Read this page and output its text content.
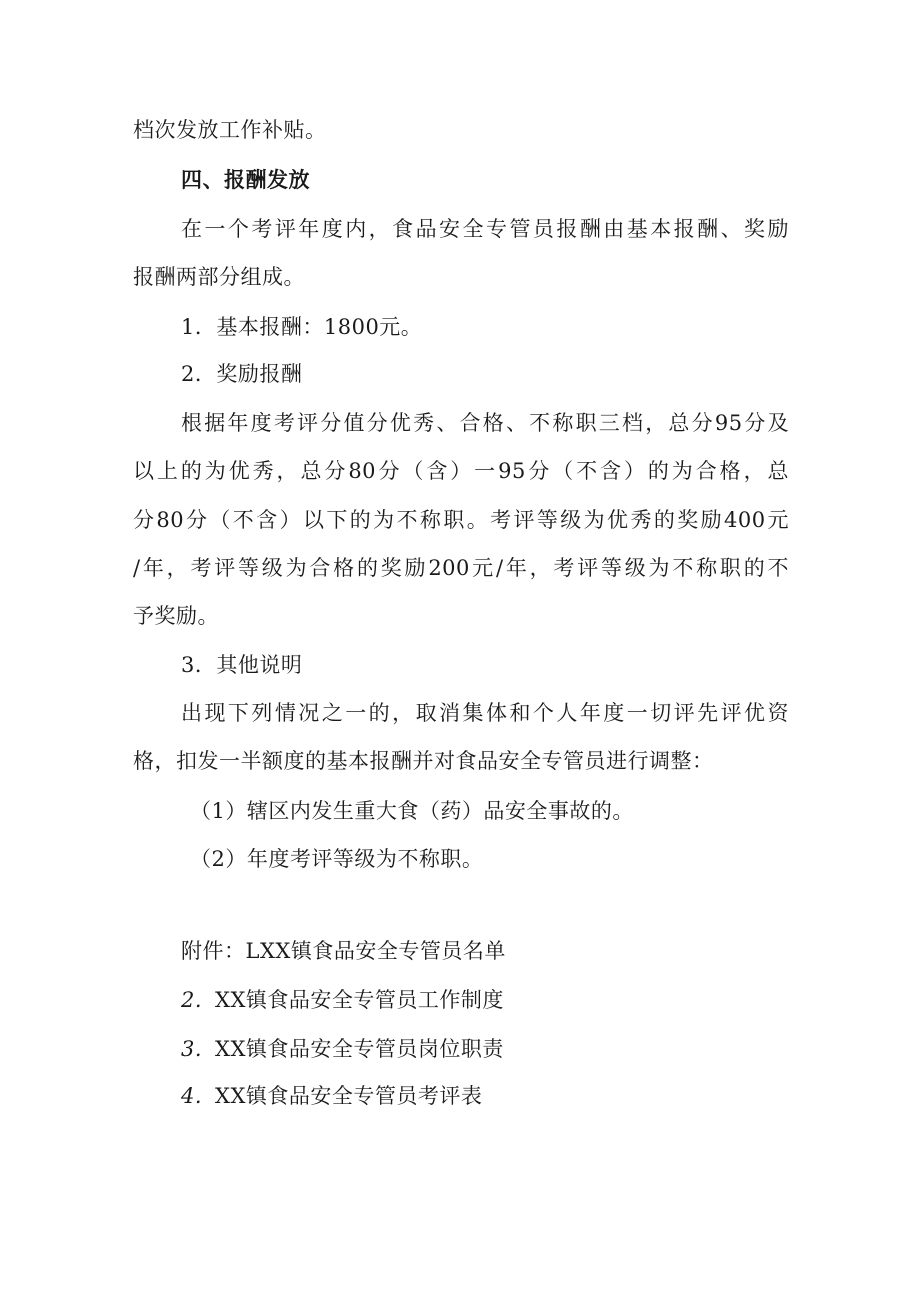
档次发放工作补贴。
四、报酬发放
在一个考评年度内，食品安全专管员报酬由基本报酬、奖励
报酬两部分组成。
1．基本报酬：1800元。
2．奖励报酬
根据年度考评分值分优秀、合格、不称职三档，总分95分及
以上的为优秀，总分80分（含）一95分（不含）的为合格，总
分80分（不含）以下的为不称职。考评等级为优秀的奖励400元
/年，考评等级为合格的奖励200元/年，考评等级为不称职的不
予奖励。
3．其他说明
出现下列情况之一的，取消集体和个人年度一切评先评优资
格，扣发一半额度的基本报酬并对食品安全专管员进行调整：
（1）辖区内发生重大食（药）品安全事故的。
（2）年度考评等级为不称职。
附件：LXX镇食品安全专管员名单
2. XX镇食品安全专管员工作制度
3. XX镇食品安全专管员岗位职责
4. XX镇食品安全专管员考评表
